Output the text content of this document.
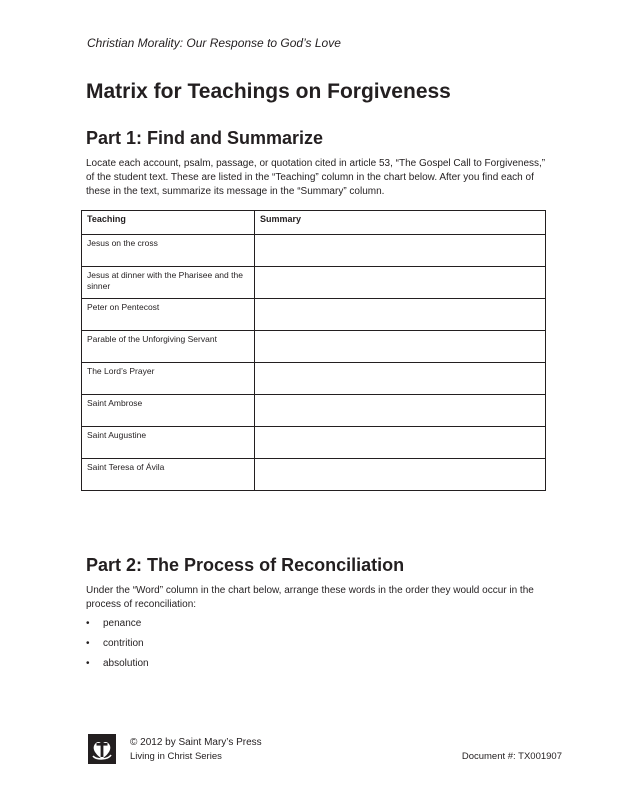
Christian Morality: Our Response to God’s Love
Matrix for Teachings on Forgiveness
Part 1: Find and Summarize

Locate each account, psalm, passage, or quotation cited in article 53, “The Gospel Call to Forgiveness,” of the student text. These are listed in the “Teaching” column in the chart below. After you find each of these in the text, summarize its message in the “Summary” column.

Teaching	Summary
Jesus on the cross	
Jesus at dinner with the Pharisee and the sinner	
Peter on Pentecost	
Parable of the Unforgiving Servant	
The Lord’s Prayer	
Saint Ambrose	
Saint Augustine	
Saint Teresa of Ávila	
Part 2: The Process of Reconciliation

Under the “Word” column in the chart below, arrange these words in the order they would occur in the process of reconciliation:

• penance
• contrition
• absolution
© 2012 by Saint Mary’s Press
Living in Christ Series	Document #: TX001907
